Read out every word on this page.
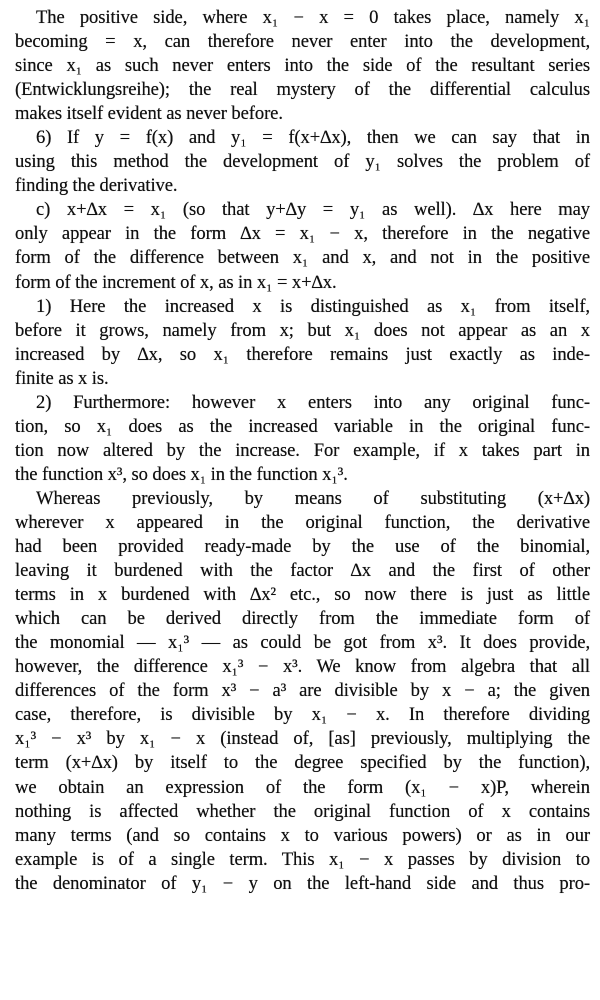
The positive side, where x₁ − x = 0 takes place, namely x₁
becoming = x, can therefore never enter into the development,
since x₁ as such never enters into the side of the resultant series
(Entwicklungsreihe); the real mystery of the differential calculus
makes itself evident as never before.
6) If y = f(x) and y₁ = f(x+∆x), then we can say that in
using this method the development of y₁ solves the problem of
finding the derivative.
c) x+∆x = x₁ (so that y+∆y = y₁ as well). ∆x here may
only appear in the form ∆x = x₁ − x, therefore in the negative
form of the difference between x₁ and x, and not in the positive
form of the increment of x, as in x₁ = x+∆x.
1) Here the increased x is distinguished as x₁ from itself,
before it grows, namely from x; but x₁ does not appear as an x
increased by ∆x, so x₁ therefore remains just exactly as inde-
finite as x is.
2) Furthermore: however x enters into any original func-
tion, so x₁ does as the increased variable in the original func-
tion now altered by the increase. For example, if x takes part in
the function x³, so does x₁ in the function x₁³.
Whereas previously, by means of substituting (x+∆x)
wherever x appeared in the original function, the derivative
had been provided ready-made by the use of the binomial,
leaving it burdened with the factor ∆x and the first of other
terms in x burdened with ∆x² etc., so now there is just as little
which can be derived directly from the immediate form of
the monomial — x₁³ — as could be got from x³. It does provide,
however, the difference x₁³ − x³. We know from algebra that all
differences of the form x³ − a³ are divisible by x − a; the given
case, therefore, is divisible by x₁ − x. In therefore dividing
x₁³ − x³ by x₁ − x (instead of, [as] previously, multiplying the
term (x+∆x) by itself to the degree specified by the function),
we obtain an expression of the form (x₁ − x)P, wherein
nothing is affected whether the original function of x contains
many terms (and so contains x to various powers) or as in our
example is of a single term. This x₁ − x passes by division to
the denominator of y₁ − y on the left-hand side and thus pro-
